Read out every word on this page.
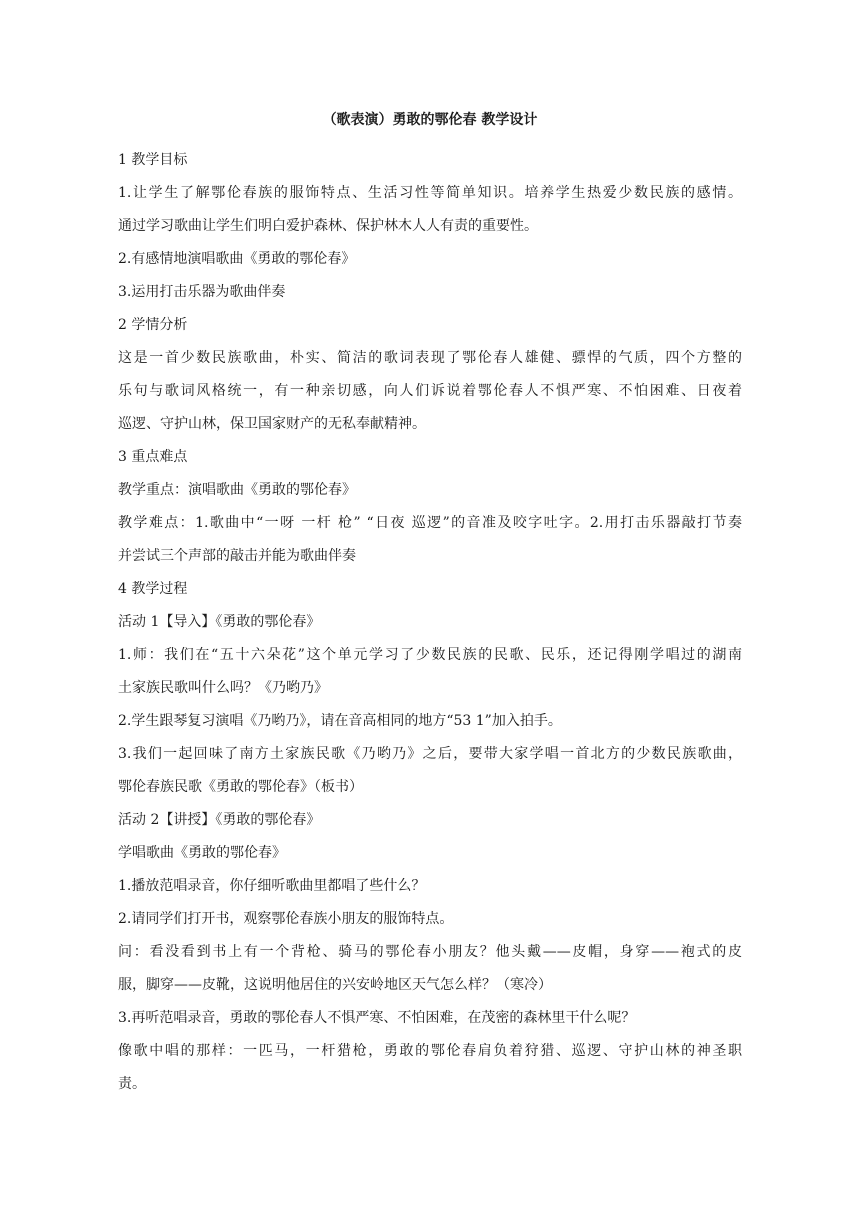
（歌表演）勇敢的鄂伦春 教学设计

1 教学目标

1.让学生了解鄂伦春族的服饰特点、生活习性等简单知识。培养学生热爱少数民族的感情。

通过学习歌曲让学生们明白爱护森林、保护林木人人有责的重要性。

2.有感情地演唱歌曲《勇敢的鄂伦春》

3.运用打击乐器为歌曲伴奏

2 学情分析

这是一首少数民族歌曲，朴实、简洁的歌词表现了鄂伦春人雄健、骠悍的气质，四个方整的

乐句与歌词风格统一，有一种亲切感，向人们诉说着鄂伦春人不惧严寒、不怕困难、日夜着

巡逻、守护山林，保卫国家财产的无私奉献精神。

3 重点难点

教学重点：演唱歌曲《勇敢的鄂伦春》

教学难点：1.歌曲中“一呀 一杆 枪” “日夜 巡逻”的音准及咬字吐字。2.用打击乐器敲打节奏

并尝试三个声部的敲击并能为歌曲伴奏

4 教学过程

活动 1【导入】《勇敢的鄂伦春》

1.师：我们在“五十六朵花”这个单元学习了少数民族的民歌、民乐，还记得刚学唱过的湖南

土家族民歌叫什么吗？《乃哟乃》

2.学生跟琴复习演唱《乃哟乃》，请在音高相同的地方“53 1”加入拍手。

3.我们一起回味了南方土家族民歌《乃哟乃》之后，要带大家学唱一首北方的少数民族歌曲，

鄂伦春族民歌《勇敢的鄂伦春》（板书）

活动 2【讲授】《勇敢的鄂伦春》

学唱歌曲《勇敢的鄂伦春》

1.播放范唱录音，你仔细听歌曲里都唱了些什么？

2.请同学们打开书，观察鄂伦春族小朋友的服饰特点。

问：看没看到书上有一个背枪、骑马的鄂伦春小朋友？他头戴——皮帽，身穿——袍式的皮

服，脚穿——皮靴，这说明他居住的兴安岭地区天气怎么样？（寒冷）

3.再听范唱录音，勇敢的鄂伦春人不惧严寒、不怕困难，在茂密的森林里干什么呢？

像歌中唱的那样：一匹马，一杆猎枪，勇敢的鄂伦春肩负着狩猎、巡逻、守护山林的神圣职

责。
